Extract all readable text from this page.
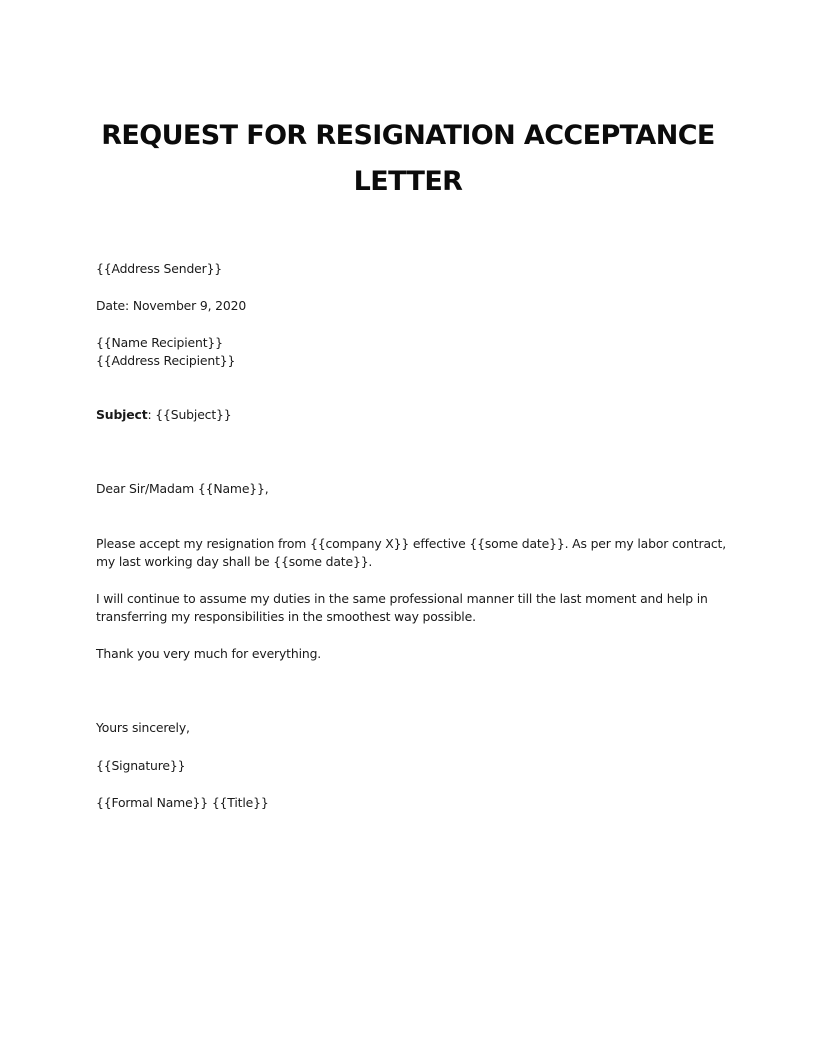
REQUEST FOR RESIGNATION ACCEPTANCE LETTER

{{Address Sender}}

Date: November 9, 2020

{{Name Recipient}}

{{Address Recipient}}

Subject: {{Subject}}

Dear Sir/Madam {{Name}},

Please accept my resignation from {{company X}} effective {{some date}}. As per my labor contract, my last working day shall be {{some date}}.

I will continue to assume my duties in the same professional manner till the last moment and help in transferring my responsibilities in the smoothest way possible.

Thank you very much for everything.

Yours sincerely,

{{Signature}}

{{Formal Name}} {{Title}}
